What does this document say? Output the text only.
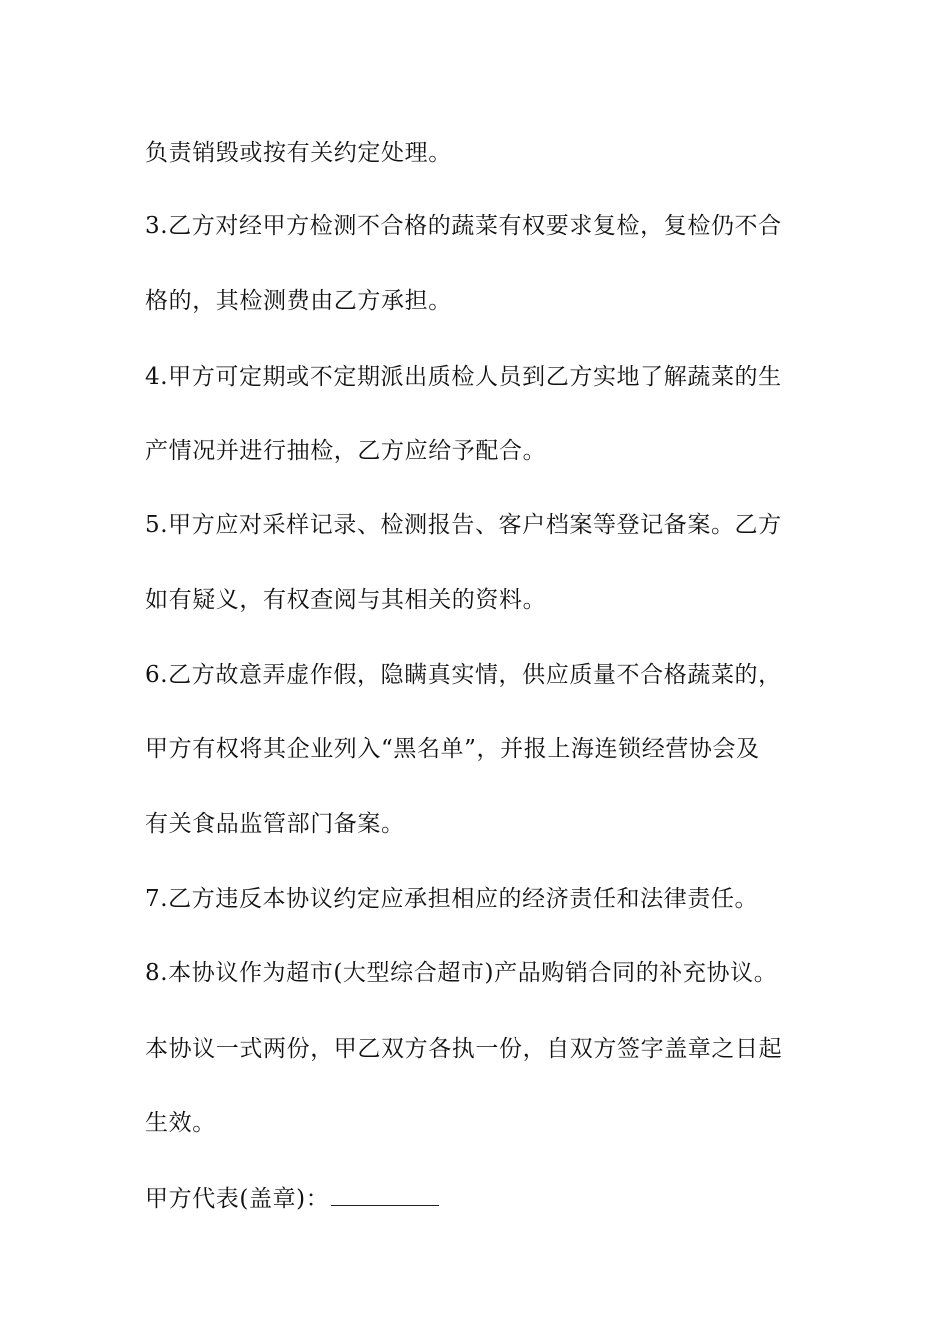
负责销毁或按有关约定处理。
3.乙方对经甲方检测不合格的蔬菜有权要求复检，复检仍不合
格的，其检测费由乙方承担。
4.甲方可定期或不定期派出质检人员到乙方实地了解蔬菜的生
产情况并进行抽检，乙方应给予配合。
5.甲方应对采样记录、检测报告、客户档案等登记备案。乙方
如有疑义，有权查阅与其相关的资料。
6.乙方故意弄虚作假，隐瞒真实情，供应质量不合格蔬菜的，
甲方有权将其企业列入“黑名单”，并报上海连锁经营协会及
有关食品监管部门备案。
7.乙方违反本协议约定应承担相应的经济责任和法律责任。
8.本协议作为超市(大型综合超市)产品购销合同的补充协议。
本协议一式两份，甲乙双方各执一份，自双方签字盖章之日起
生效。
甲方代表(盖章)：
